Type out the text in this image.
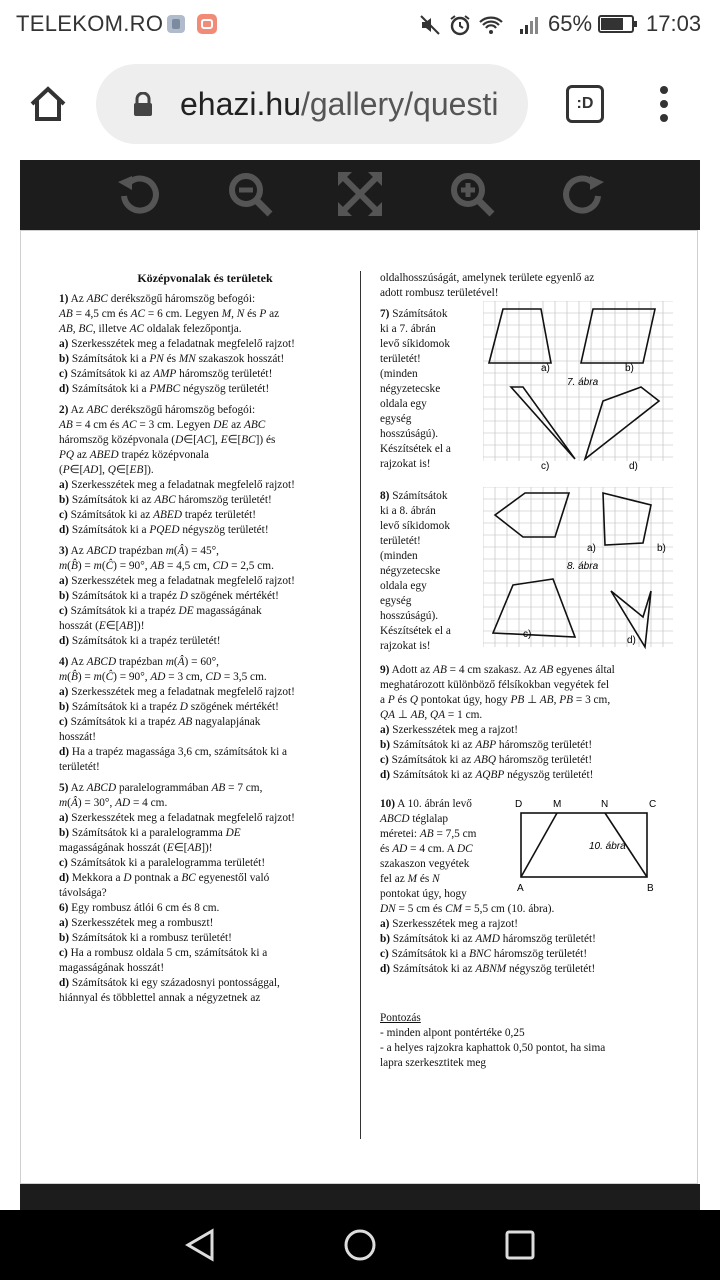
TELEKOM.RO	65% 17:03
ehazi.hu/gallery/questi	:D

Középvonalak és területek

1) Az ABC derékszögű háromszög befogói:

AB = 4,5 cm és AC = 6 cm. Legyen M, N és P az

AB, BC, illetve AC oldalak felezőpontja.

a) Szerkesszétek meg a feladatnak megfelelő rajzot!

b) Számítsátok ki a PN és MN szakaszok hosszát!

c) Számítsátok ki az AMP háromszög területét!

d) Számítsátok ki a PMBC négyszög területét!

2) Az ABC derékszögű háromszög befogói:

AB = 4 cm és AC = 3 cm. Legyen DE az ABC

háromszög középvonala (D∈[AC], E∈[BC]) és

PQ az ABED trapéz középvonala

(P∈[AD], Q∈[EB]).

a) Szerkesszétek meg a feladatnak megfelelő rajzot!

b) Számítsátok ki az ABC háromszög területét!

c) Számítsátok ki az ABED trapéz területét!

d) Számítsátok ki a PQED négyszög területét!

3) Az ABCD trapézban m(Â) = 45°,

m(B̂) = m(Ĉ) = 90°, AB = 4,5 cm, CD = 2,5 cm.

a) Szerkesszétek meg a feladatnak megfelelő rajzot!

b) Számítsátok ki a trapéz D szögének mértékét!

c) Számítsátok ki a trapéz DE magasságának

hosszát (E∈[AB])!

d) Számítsátok ki a trapéz területét!

4) Az ABCD trapézban m(Â) = 60°,

m(B̂) = m(Ĉ) = 90°, AD = 3 cm, CD = 3,5 cm.

a) Szerkesszétek meg a feladatnak megfelelő rajzot!

b) Számítsátok ki a trapéz D szögének mértékét!

c) Számítsátok ki a trapéz AB nagyalapjának

hosszát!

d) Ha a trapéz magassága 3,6 cm, számítsátok ki a

területét!

5) Az ABCD paralelogrammában AB = 7 cm,

m(Â) = 30°, AD = 4 cm.

a) Szerkesszétek meg a feladatnak megfelelő rajzot!

b) Számítsátok ki a paralelogramma DE

magasságának hosszát (E∈[AB])!

c) Számítsátok ki a paralelogramma területét!

d) Mekkora a D pontnak a BC egyenestől való

távolsága?

6) Egy rombusz átlói 6 cm és 8 cm.

a) Szerkesszétek meg a rombuszt!

b) Számítsátok ki a rombusz területét!

c) Ha a rombusz oldala 5 cm, számítsátok ki a

magasságának hosszát!

d) Számítsátok ki egy századosnyi pontossággal,

hiánnyal és többlettel annak a négyzetnek az

oldalhosszúságát, amelynek területe egyenlő az

adott rombusz területével!

7) Számítsátok

ki a 7. ábrán

levő síkidomok

területét!

(minden

négyzetecske

oldala egy

egység

hosszúságú).

Készítsétek el a

rajzokat is!

a)	b)
7. ábra
c)	d)

8) Számítsátok

ki a 8. ábrán

levő síkidomok

területét!

(minden

négyzetecske

oldala egy

egység

hosszúságú).

Készítsétek el a

rajzokat is!

a)	b)
8. ábra
c)
d)

9) Adott az AB = 4 cm szakasz. Az AB egyenes által

meghatározott különböző félsíkokban vegyétek fel

a P és Q pontokat úgy, hogy PB ⊥ AB, PB = 3 cm,

QA ⊥ AB, QA = 1 cm.

a) Szerkesszétek meg a rajzot!

b) Számítsátok ki az ABP háromszög területét!

c) Számítsátok ki az ABQ háromszög területét!

d) Számítsátok ki az AQBP négyszög területét!

10) A 10. ábrán levő

ABCD téglalap

méretei: AB = 7,5 cm

és AD = 4 cm. A DC

szakaszon vegyétek

fel az M és N

pontokat úgy, hogy

D	M	N	C
A	B
10. ábra

DN = 5 cm és CM = 5,5 cm (10. ábra).

a) Szerkesszétek meg a rajzot!

b) Számítsátok ki az AMD háromszög területét!

c) Számítsátok ki a BNC háromszög területét!

d) Számítsátok ki az ABNM négyszög területét!

Pontozás

- minden alpont pontértéke 0,25

- a helyes rajzokra kaphattok 0,50 pontot, ha sima

lapra szerkesztitek meg
